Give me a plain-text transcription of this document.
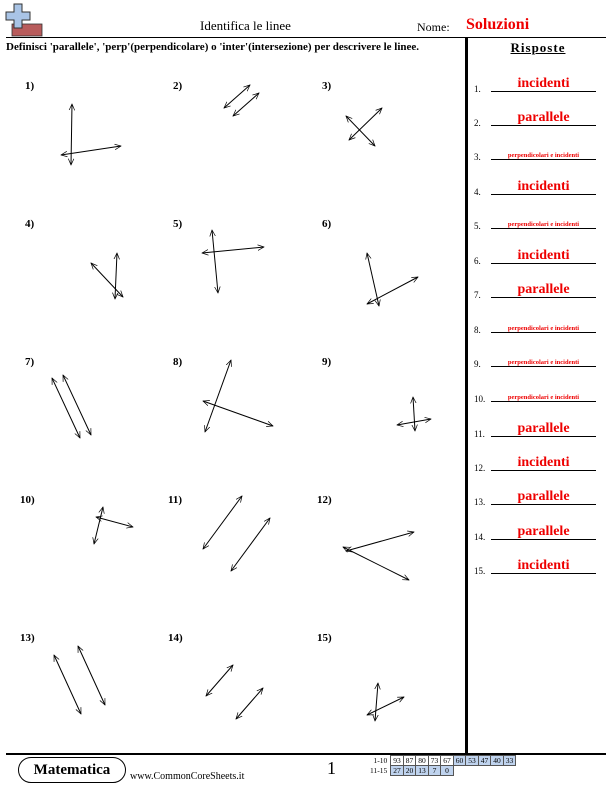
Identifica le linee	Nome: Soluzioni
Definisci 'parallele', 'perp'(perpendicolare) o 'inter'(intersezione) per descrivere le linee.	Risposte
1)	2)	3)
4)	5)	6)
7)	8)	9)
10)	11)	12)
13)	14)	15)
1.	incidenti
2.	parallele
3.	perpendicolari e incidenti
4.	incidenti
5.	perpendicolari e incidenti
6.	incidenti
7.	parallele
8.	perpendicolari e incidenti
9.	perpendicolari e incidenti
10.	perpendicolari e incidenti
11.	parallele
12.	incidenti
13.	parallele
14.	parallele
15.	incidenti
Matematica	www.CommonCoreSheets.it	1	1-10	93	87	80	73	67	60	53	47	40	33
11-15	27	20	13	7	0					
